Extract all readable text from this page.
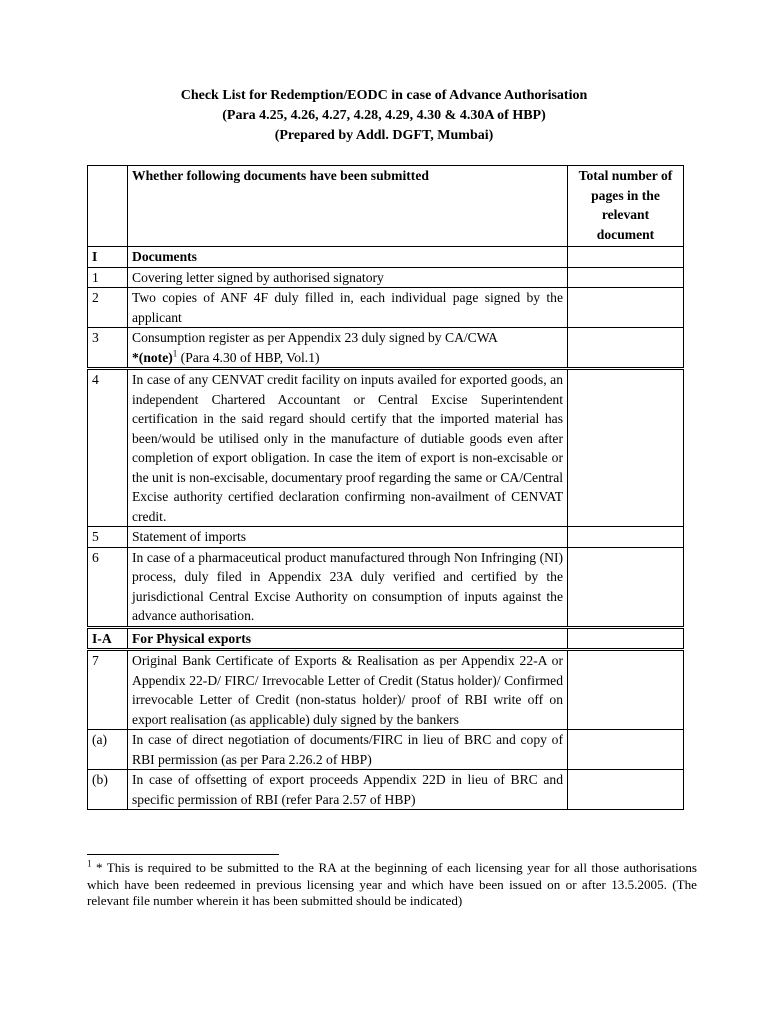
Check List for Redemption/EODC in case of Advance Authorisation
(Para 4.25, 4.26, 4.27, 4.28, 4.29, 4.30 & 4.30A of HBP)
(Prepared by Addl. DGFT, Mumbai)
	Whether following documents have been submitted	Total number of pages in the relevant document
I	Documents	
1	Covering letter signed by authorised signatory	
2	Two copies of ANF 4F duly filled in, each individual page signed by the applicant	
3	Consumption register as per Appendix 23 duly signed by CA/CWA
*(note)$^1$ (Para 4.30 of HBP, Vol.1)	
4	In case of any CENVAT credit facility on inputs availed for exported goods, an independent Chartered Accountant or Central Excise Superintendent certification in the said regard should certify that the imported material has been/would be utilised only in the manufacture of dutiable goods even after completion of export obligation. In case the item of export is non-excisable or the unit is non-excisable, documentary proof regarding the same or CA/Central Excise authority certified declaration confirming non-availment of CENVAT credit.	
5	Statement of imports	
6	In case of a pharmaceutical product manufactured through Non Infringing (NI) process, duly filed in Appendix 23A duly verified and certified by the jurisdictional Central Excise Authority on consumption of inputs against the advance authorisation.	
I-A	For Physical exports	
7	Original Bank Certificate of Exports & Realisation as per Appendix 22-A or Appendix 22-D/ FIRC/ Irrevocable Letter of Credit (Status holder)/ Confirmed irrevocable Letter of Credit (non-status holder)/ proof of RBI write off on export realisation (as applicable) duly signed by the bankers	
(a)	In case of direct negotiation of documents/FIRC in lieu of BRC and copy of RBI permission (as per Para 2.26.2 of HBP)	
(b)	In case of offsetting of export proceeds Appendix 22D in lieu of BRC and specific permission of RBI (refer Para 2.57 of HBP)	
$^1$ * This is required to be submitted to the RA at the beginning of each licensing year for all those authorisations which have been redeemed in previous licensing year and which have been issued on or after 13.5.2005. (The relevant file number wherein it has been submitted should be indicated)
